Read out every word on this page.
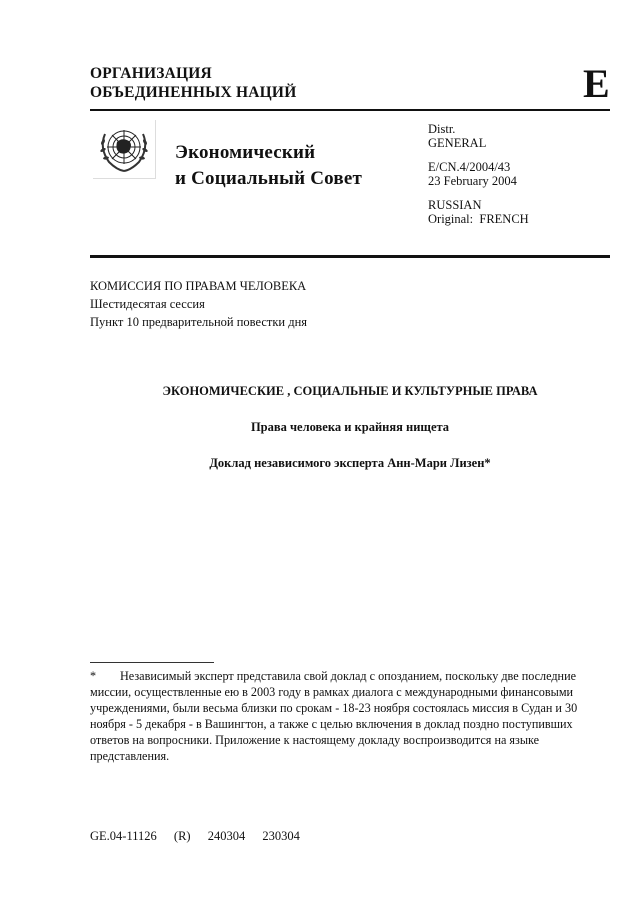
ОРГАНИЗАЦИЯ
ОБЪЕДИНЕННЫХ НАЦИЙ	E
Экономический
и Социальный Совет

Distr.
GENERAL

E/CN.4/2004/43
23 February 2004

RUSSIAN
Original:  FRENCH

КОМИССИЯ ПО ПРАВАМ ЧЕЛОВЕКА
Шестидесятая сессия
Пункт 10 предварительной повестки дня
ЭКОНОМИЧЕСКИЕ , СОЦИАЛЬНЫЕ И КУЛЬТУРНЫЕ ПРАВА
Права человека и крайняя нищета
Доклад независимого эксперта Анн-Мари Лизен*
* Независимый эксперт представила свой доклад с опозданием, поскольку две последние миссии, осуществленные ею в 2003 году в рамках диалога с международными финансовыми учреждениями, были весьма близки по срокам - 18-23 ноября состоялась миссия в Судан и 30 ноября - 5 декабря - в Вашингтон, а также с целью включения в доклад поздно поступивших ответов на вопросники. Приложение к настоящему докладу воспроизводится на языке представления.
GE.04-11126 (R) 240304 230304
